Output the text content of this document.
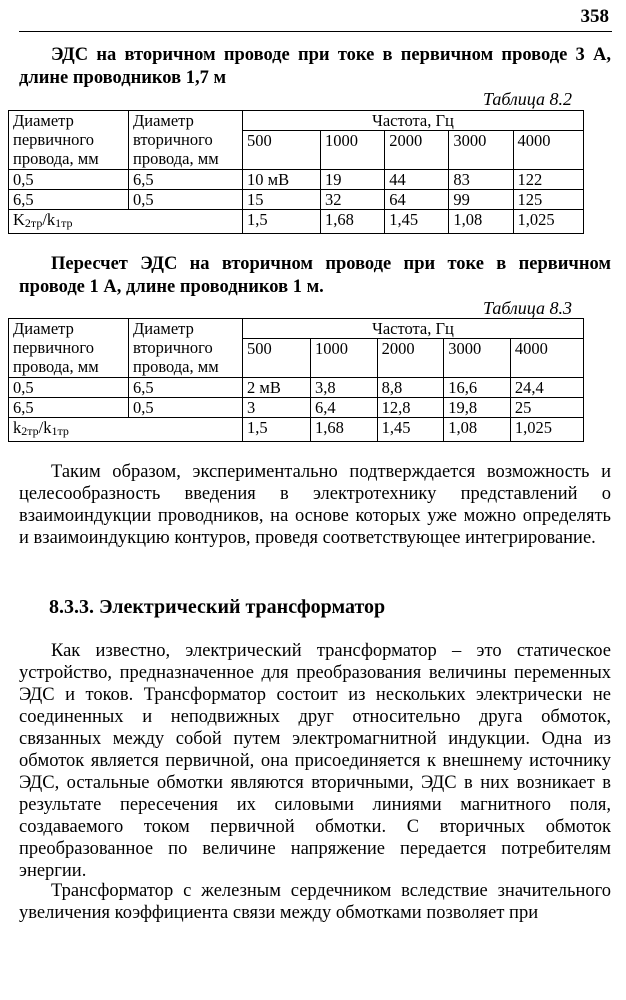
358
ЭДС на вторичном проводе при токе в первичном проводе 3 А, длине проводников 1,7 м
Таблица 8.2
Диаметр первичного провода, мм	Диаметр вторичного провода, мм	Частота, Гц				
		500	1000	2000	3000	4000
0,5	6,5	10 мВ	19	44	83	122
6,5	0,5	15	32	64	99	125
$K_{2тр}/k_{1тр}$		1,5	1,68	1,45	1,08	1,025
Пересчет ЭДС на вторичном проводе при токе в первичном проводе 1 А, длине проводников 1 м.
Таблица 8.3
Диаметр первичного провода, мм	Диаметр вторичного провода, мм	Частота, Гц				
		500	1000	2000	3000	4000
0,5	6,5	2 мВ	3,8	8,8	16,6	24,4
6,5	0,5	3	6,4	12,8	19,8	25
$k_{2тр}/k_{1тр}$		1,5	1,68	1,45	1,08	1,025
Таким образом, экспериментально подтверждается возможность и целесообразность введения в электротехнику представлений о взаимоиндукции проводников, на основе которых уже можно определять и взаимоиндукцию контуров, проведя соответствующее интегрирование.
8.3.3. Электрический трансформатор
Как известно, электрический трансформатор – это статическое устройство, предназначенное для преобразования величины переменных ЭДС и токов. Трансформатор состоит из нескольких электрически не соединенных и неподвижных друг относительно друга обмоток, связанных между собой путем электромагнитной индукции. Одна из обмоток является первичной, она присоединяется к внешнему источнику ЭДС, остальные обмотки являются вторичными, ЭДС в них возникает в результате пересечения их силовыми линиями магнитного поля, создаваемого током первичной обмотки. С вторичных обмоток преобразованное по величине напряжение передается потребителям энергии.
Трансформатор с железным сердечником вследствие значительного увеличения коэффициента связи между обмотками позволяет при
